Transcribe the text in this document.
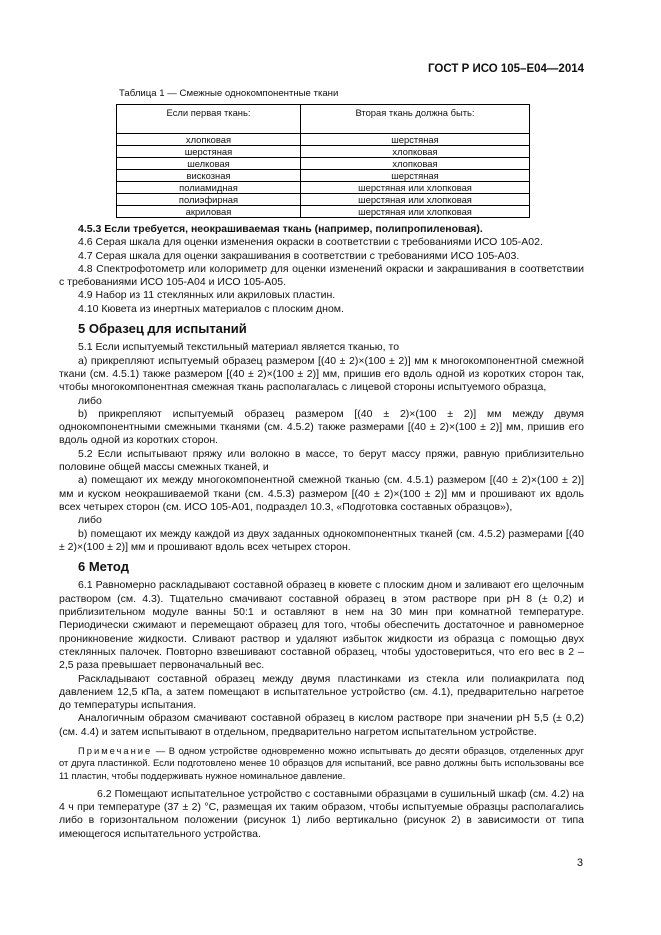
ГОСТ Р ИСО 105–Е04—2014
Таблица 1 — Смежные однокомпонентные ткани
Если первая ткань:	Вторая ткань должна быть:
хлопковая	шерстяная
шерстяная	хлопковая
шелковая	хлопковая
вискозная	шерстяная
полиамидная	шерстяная или хлопковая
полиэфирная	шерстяная или хлопковая
акриловая	шерстяная или хлопковая

4.5.3 Если требуется, неокрашиваемая ткань (например, полипропиленовая).

4.6 Серая шкала для оценки изменения окраски в соответствии с требованиями ИСО 105-А02.

4.7 Серая шкала для оценки закрашивания в соответствии с требованиями ИСО 105-А03.

4.8 Спектрофотометр или колориметр для оценки изменений окраски и закрашивания в соответствии с требованиями ИСО 105-А04 и ИСО 105-А05.

4.9 Набор из 11 стеклянных или акриловых пластин.

4.10 Кювета из инертных материалов с плоским дном.

5 Образец для испытаний

5.1 Если испытуемый текстильный материал является тканью, то

а) прикрепляют испытуемый образец размером [(40 ± 2)×(100 ± 2)] мм к многокомпонентной смежной ткани (см. 4.5.1) также размером [(40 ± 2)×(100 ± 2)] мм, пришив его вдоль одной из коротких сторон так, чтобы многокомпонентная смежная ткань располагалась с лицевой стороны испытуемого образца,

либо

b) прикрепляют испытуемый образец размером [(40 ± 2)×(100 ± 2)] мм между двумя однокомпонентными смежными тканями (см. 4.5.2) также размерами [(40 ± 2)×(100 ± 2)] мм, пришив его вдоль одной из коротких сторон.

5.2 Если испытывают пряжу или волокно в массе, то берут массу пряжи, равную приблизительно половине общей массы смежных тканей, и

а) помещают их между многокомпонентной смежной тканью (см. 4.5.1) размером [(40 ± 2)×(100 ± 2)] мм и куском неокрашиваемой ткани (см. 4.5.3) размером [(40 ± 2)×(100 ± 2)] мм и прошивают их вдоль всех четырех сторон (см. ИСО 105-А01, подраздел 10.3, «Подготовка составных образцов»),

либо

b) помещают их между каждой из двух заданных однокомпонентных тканей (см. 4.5.2) размерами [(40 ± 2)×(100 ± 2)] мм и прошивают вдоль всех четырех сторон.

6 Метод

6.1 Равномерно раскладывают составной образец в кювете с плоским дном и заливают его щелочным раствором (см. 4.3). Тщательно смачивают составной образец в этом растворе при pH 8 (± 0,2) и приблизительном модуле ванны 50:1 и оставляют в нем на 30 мин при комнатной температуре. Периодически сжимают и перемещают образец для того, чтобы обеспечить достаточное и равномерное проникновение жидкости. Сливают раствор и удаляют избыток жидкости из образца с помощью двух стеклянных палочек. Повторно взвешивают составной образец, чтобы удостовериться, что его вес в 2 – 2,5 раза превышает первоначальный вес.

Раскладывают составной образец между двумя пластинками из стекла или полиакрилата под давлением 12,5 кПа, а затем помещают в испытательное устройство (см. 4.1), предварительно нагретое до температуры испытания.

Аналогичным образом смачивают составной образец в кислом растворе при значении pH 5,5 (± 0,2) (см. 4.4) и затем испытывают в отдельном, предварительно нагретом испытательном устройстве.

Примечание — В одном устройстве одновременно можно испытывать до десяти образцов, отделенных друг от друга пластинкой. Если подготовлено менее 10 образцов для испытаний, все равно должны быть использованы все 11 пластин, чтобы поддерживать нужное номинальное давление.

6.2 Помещают испытательное устройство с составными образцами в сушильный шкаф (см. 4.2) на 4 ч при температуре (37 ± 2) °С, размещая их таким образом, чтобы испытуемые образцы располагались либо в горизонтальном положении (рисунок 1) либо вертикально (рисунок 2) в зависимости от типа имеющегося испытательного устройства.

3
